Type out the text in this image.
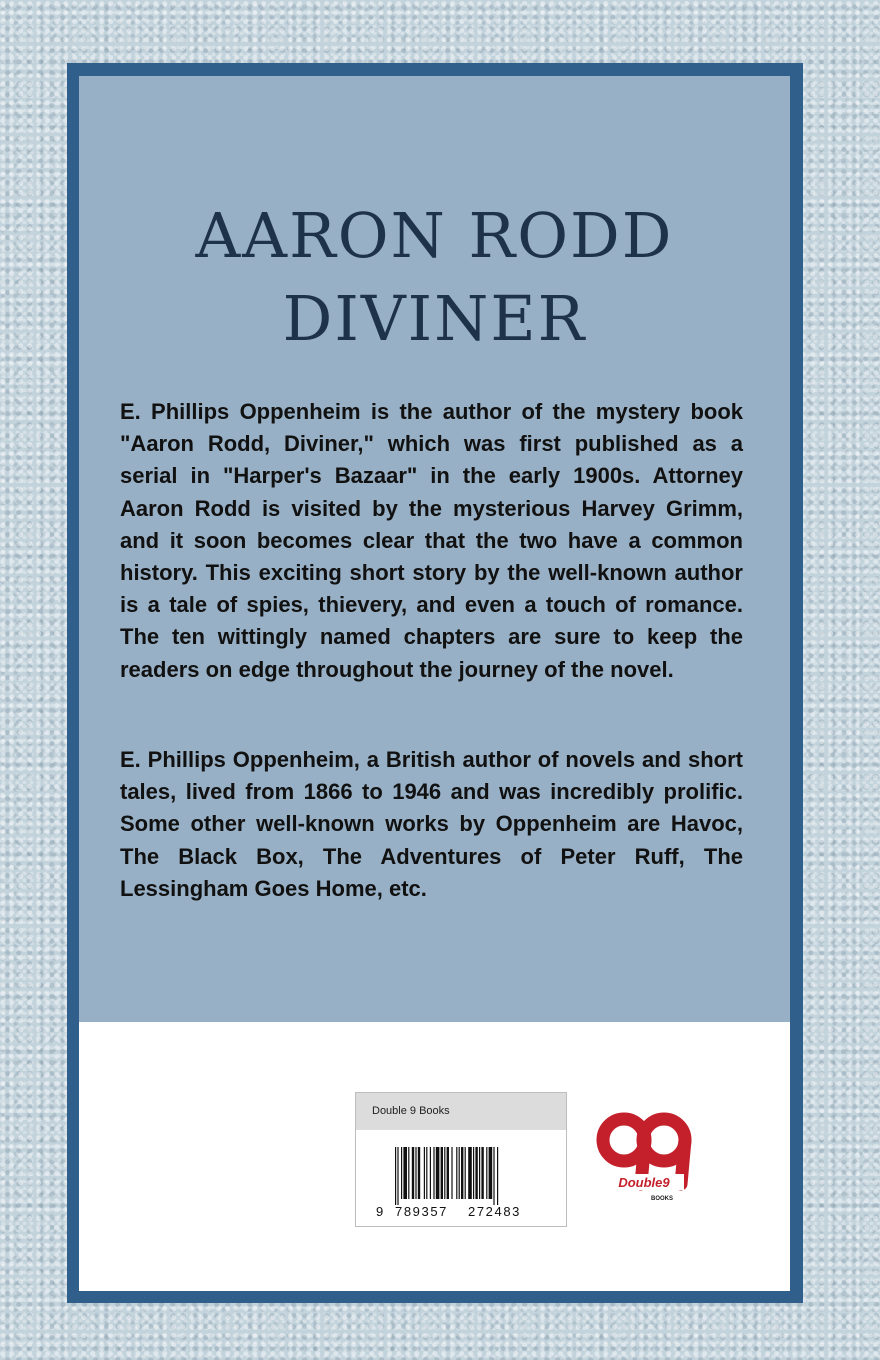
AARON RODD
DIVINER

E. Phillips Oppenheim is the author of the mystery book "Aaron Rodd, Diviner," which was first published as a serial in "Harper's Bazaar" in the early 1900s. Attorney Aaron Rodd is visited by the mysterious Harvey Grimm, and it soon becomes clear that the two have a common history. This exciting short story by the well-known author is a tale of spies, thievery, and even a touch of romance. The ten wittingly named chapters are sure to keep the readers on edge throughout the journey of the novel.

E. Phillips Oppenheim, a British author of novels and short tales, lived from 1866 to 1946 and was incredibly prolific. Some other well-known works by Oppenheim are Havoc, The Black Box, The Adventures of Peter Ruff, The Lessingham Goes Home, etc.

Double 9 Books
9 789357 272483
Double9
BOOKS
